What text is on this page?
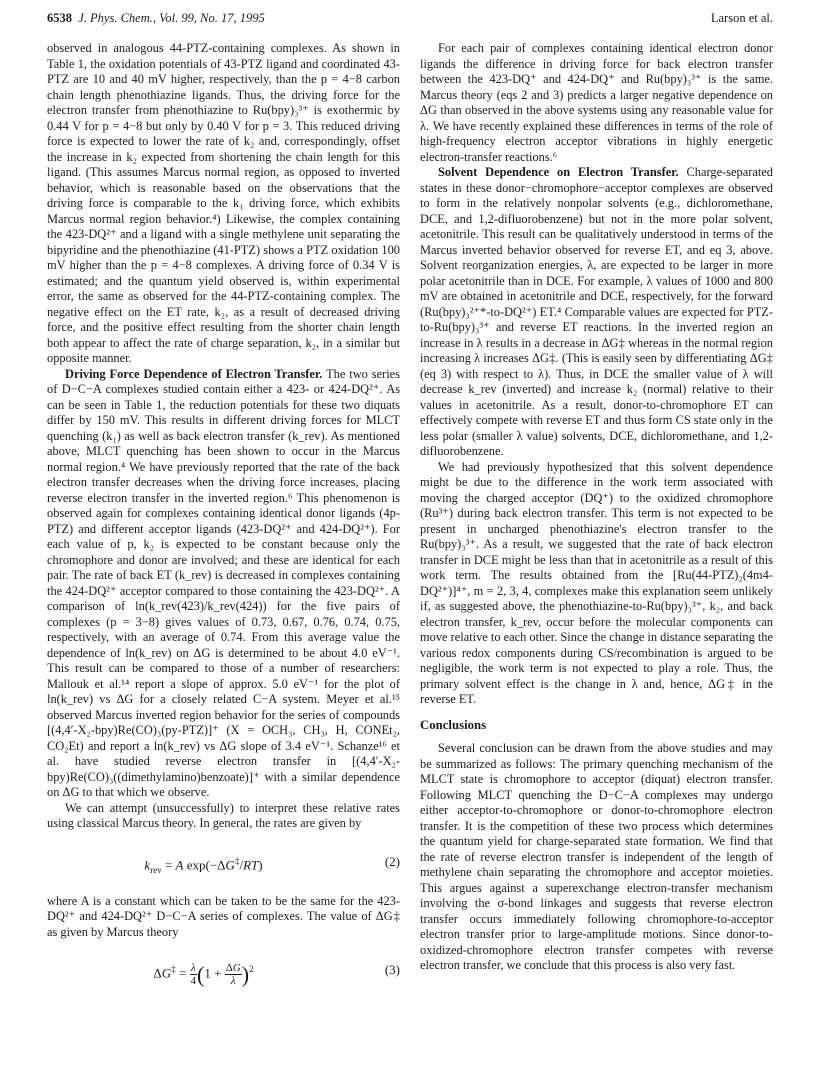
6538 J. Phys. Chem., Vol. 99, No. 17, 1995	Larson et al.

observed in analogous 44-PTZ-containing complexes. As shown in Table 1, the oxidation potentials of 43-PTZ ligand and coordinated 43-PTZ are 10 and 40 mV higher, respectively, than the p = 4−8 carbon chain length phenothiazine ligands. Thus, the driving force for the electron transfer from phenothiazine to Ru(bpy)₃³⁺ is exothermic by 0.44 V for p = 4−8 but only by 0.40 V for p = 3. This reduced driving force is expected to lower the rate of k₂ and, correspondingly, offset the increase in k₂ expected from shortening the chain length for this ligand. (This assumes Marcus normal region, as opposed to inverted behavior, which is reasonable based on the observations that the driving force is comparable to the k₁ driving force, which exhibits Marcus normal region behavior.⁴) Likewise, the complex containing the 423-DQ²⁺ and a ligand with a single methylene unit separating the bipyridine and the phenothiazine (41-PTZ) shows a PTZ oxidation 100 mV higher than the p = 4−8 complexes. A driving force of 0.34 V is estimated; and the quantum yield observed is, within experimental error, the same as observed for the 44-PTZ-containing complex. The negative effect on the ET rate, k₂, as a result of decreased driving force, and the positive effect resulting from the shorter chain length both appear to affect the rate of charge separation, k₂, in a similar but opposite manner.

Driving Force Dependence of Electron Transfer. The two series of D−C−A complexes studied contain either a 423- or 424-DQ²⁺. As can be seen in Table 1, the reduction potentials for these two diquats differ by 150 mV. This results in different driving forces for MLCT quenching (k₁) as well as back electron transfer (k_rev). As mentioned above, MLCT quenching has been shown to occur in the Marcus normal region.⁴ We have previously reported that the rate of the back electron transfer decreases when the driving force increases, placing reverse electron transfer in the inverted region.⁶ This phenomenon is observed again for complexes containing identical donor ligands (4p-PTZ) and different acceptor ligands (423-DQ²⁺ and 424-DQ²⁺). For each value of p, k₂ is expected to be constant because only the chromophore and donor are involved; and these are identical for each pair. The rate of back ET (k_rev) is decreased in complexes containing the 424-DQ²⁺ acceptor compared to those containing the 423-DQ²⁺. A comparison of ln(k_rev(423)/k_rev(424)) for the five pairs of complexes (p = 3−8) gives values of 0.73, 0.67, 0.76, 0.74, 0.75, respectively, with an average of 0.74. From this average value the dependence of ln(k_rev) on ΔG is determined to be about 4.0 eV⁻¹. This result can be compared to those of a number of researchers: Mallouk et al.¹⁴ report a slope of approx. 5.0 eV⁻¹ for the plot of ln(k_rev) vs ΔG for a closely related C−A system. Meyer et al.¹⁵ observed Marcus inverted region behavior for the series of compounds [(4,4′-X₂-bpy)Re(CO)₃(py-PTZ)]⁺ (X = OCH₃, CH₃, H, CONEt₂, CO₂Et) and report a ln(k_rev) vs ΔG slope of 3.4 eV⁻¹. Schanze¹⁶ et al. have studied reverse electron transfer in [(4,4′-X₂-bpy)Re(CO)₃((dimethylamino)benzoate)]⁺ with a similar dependence on ΔG to that which we observe.

We can attempt (unsuccessfully) to interpret these relative rates using classical Marcus theory. In general, the rates are given by

$k_{rev} = A$ exp(−ΔG‡/RT)	(2)

where A is a constant which can be taken to be the same for the 423-DQ²⁺ and 424-DQ²⁺ D−C−A series of complexes. The value of ΔG‡ as given by Marcus theory

$\Delta G^\ddagger = \frac{\lambda}{4} (1 + \frac{\Delta G}{\lambda} )^2$	(3)

For each pair of complexes containing identical electron donor ligands the difference in driving force for back electron transfer between the 423-DQ⁺ and 424-DQ⁺ and Ru(bpy)₃³⁺ is the same. Marcus theory (eqs 2 and 3) predicts a larger negative dependence on ΔG than observed in the above systems using any reasonable value for λ. We have recently explained these differences in terms of the role of high-frequency electron acceptor vibrations in highly energetic electron-transfer reactions.⁶

Solvent Dependence on Electron Transfer. Charge-separated states in these donor−chromophore−acceptor complexes are observed to form in the relatively nonpolar solvents (e.g., dichloromethane, DCE, and 1,2-difluorobenzene) but not in the more polar solvent, acetonitrile. This result can be qualitatively understood in terms of the Marcus inverted behavior observed for reverse ET, and eq 3, above. Solvent reorganization energies, λ, are expected to be larger in more polar acetonitrile than in DCE. For example, λ values of 1000 and 800 mV are obtained in acetonitrile and DCE, respectively, for the forward (Ru(bpy)₃²⁺*-to-DQ²⁺) ET.⁴ Comparable values are expected for PTZ-to-Ru(bpy)₃³⁺ and reverse ET reactions. In the inverted region an increase in λ results in a decrease in ΔG‡ whereas in the normal region increasing λ increases ΔG‡. (This is easily seen by differentiating ΔG‡ (eq 3) with respect to λ). Thus, in DCE the smaller value of λ will decrease k_rev (inverted) and increase k₂ (normal) relative to their values in acetonitrile. As a result, donor-to-chromophore ET can effectively compete with reverse ET and thus form CS state only in the less polar (smaller λ value) solvents, DCE, dichloromethane, and 1,2-difluorobenzene.

We had previously hypothesized that this solvent dependence might be due to the difference in the work term associated with moving the charged acceptor (DQ⁺) to the oxidized chromophore (Ru³⁺) during back electron transfer. This term is not expected to be present in uncharged phenothiazine's electron transfer to the Ru(bpy)₃³⁺. As a result, we suggested that the rate of back electron transfer in DCE might be less than that in acetonitrile as a result of this work term. The results obtained from the [Ru(44-PTZ)₂(4m4-DQ²⁺)]⁴⁺, m = 2, 3, 4, complexes make this explanation seem unlikely if, as suggested above, the phenothiazine-to-Ru(bpy)₃³⁺, k₂, and back electron transfer, k_rev, occur before the molecular components can move relative to each other. Since the change in distance separating the various redox components during CS/recombination is argued to be negligible, the work term is not expected to play a role. Thus, the primary solvent effect is the change in λ and, hence, ΔG‡ in the reverse ET.

Conclusions

Several conclusion can be drawn from the above studies and may be summarized as follows: The primary quenching mechanism of the MLCT state is chromophore to acceptor (diquat) electron transfer. Following MLCT quenching the D−C−A complexes may undergo either acceptor-to-chromophore or donor-to-chromophore electron transfer. It is the competition of these two process which determines the quantum yield for charge-separated state formation. We find that the rate of reverse electron transfer is independent of the length of methylene chain separating the chromophore and acceptor moieties. This argues against a superexchange electron-transfer mechanism involving the σ-bond linkages and suggests that reverse electron transfer occurs immediately following chromophore-to-acceptor electron transfer prior to large-amplitude motions. Since donor-to-oxidized-chromophore electron transfer competes with reverse electron transfer, we conclude that this process is also very fast.
